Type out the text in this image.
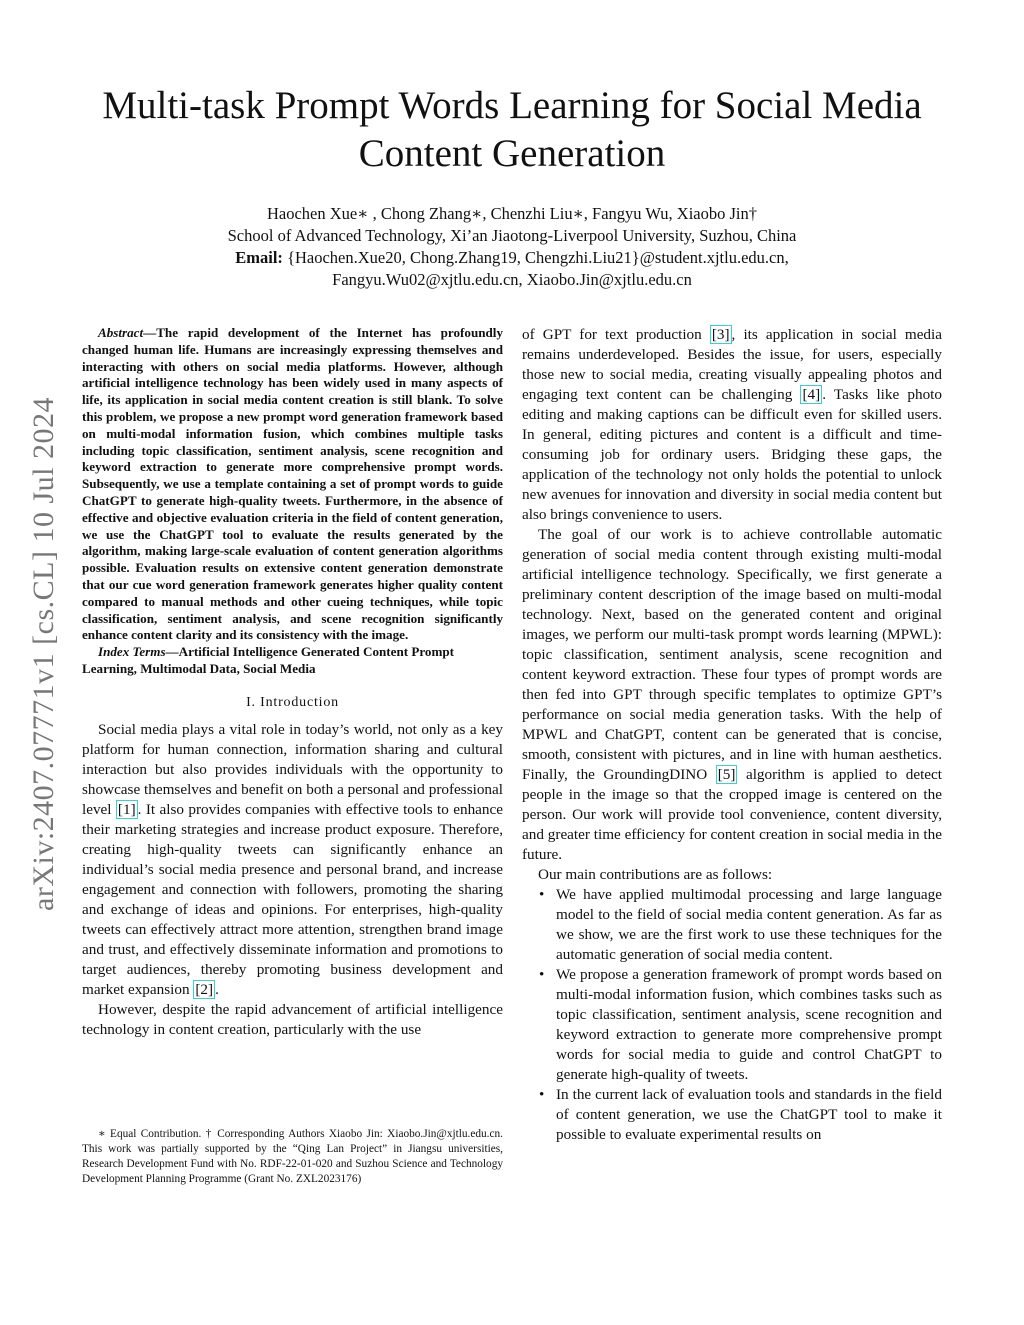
arXiv:2407.07771v1 [cs.CL] 10 Jul 2024
Multi-task Prompt Words Learning for Social Media Content Generation
Haochen Xue∗ , Chong Zhang∗, Chenzhi Liu∗, Fangyu Wu, Xiaobo Jin†
School of Advanced Technology, Xi’an Jiaotong-Liverpool University, Suzhou, China
Email: {Haochen.Xue20, Chong.Zhang19, Chengzhi.Liu21}@student.xjtlu.edu.cn,
Fangyu.Wu02@xjtlu.edu.cn, Xiaobo.Jin@xjtlu.edu.cn

Abstract—The rapid development of the Internet has profoundly changed human life. Humans are increasingly expressing themselves and interacting with others on social media platforms. However, although artificial intelligence technology has been widely used in many aspects of life, its application in social media content creation is still blank. To solve this problem, we propose a new prompt word generation framework based on multi-modal information fusion, which combines multiple tasks including topic classification, sentiment analysis, scene recognition and keyword extraction to generate more comprehensive prompt words. Subsequently, we use a template containing a set of prompt words to guide ChatGPT to generate high-quality tweets. Furthermore, in the absence of effective and objective evaluation criteria in the field of content generation, we use the ChatGPT tool to evaluate the results generated by the algorithm, making large-scale evaluation of content generation algorithms possible. Evaluation results on extensive content generation demonstrate that our cue word generation framework generates higher quality content compared to manual methods and other cueing techniques, while topic classification, sentiment analysis, and scene recognition significantly enhance content clarity and its consistency with the image.

Index Terms—Artificial Intelligence Generated Content Prompt Learning, Multimodal Data, Social Media

I. Introduction

Social media plays a vital role in today’s world, not only as a key platform for human connection, information sharing and cultural interaction but also provides individuals with the opportunity to showcase themselves and benefit on both a personal and professional level [1] . It also provides companies with effective tools to enhance their marketing strategies and increase product exposure. Therefore, creating high-quality tweets can significantly enhance an individual’s social media presence and personal brand, and increase engagement and connection with followers, promoting the sharing and exchange of ideas and opinions. For enterprises, high-quality tweets can effectively attract more attention, strengthen brand image and trust, and effectively disseminate information and promotions to target audiences, thereby promoting business development and market expansion [2] .

However, despite the rapid advancement of artificial intelligence technology in content creation, particularly with the use

∗ Equal Contribution. † Corresponding Authors Xiaobo Jin: Xiaobo.Jin@xjtlu.edu.cn. This work was partially supported by the “Qing Lan Project” in Jiangsu universities, Research Development Fund with No. RDF-22-01-020 and Suzhou Science and Technology Development Planning Programme (Grant No. ZXL2023176)

of GPT for text production [3] , its application in social media remains underdeveloped. Besides the issue, for users, especially those new to social media, creating visually appealing photos and engaging text content can be challenging [4] . Tasks like photo editing and making captions can be difficult even for skilled users. In general, editing pictures and content is a difficult and time-consuming job for ordinary users. Bridging these gaps, the application of the technology not only holds the potential to unlock new avenues for innovation and diversity in social media content but also brings convenience to users.

The goal of our work is to achieve controllable automatic generation of social media content through existing multi-modal artificial intelligence technology. Specifically, we first generate a preliminary content description of the image based on multi-modal technology. Next, based on the generated content and original images, we perform our multi-task prompt words learning (MPWL): topic classification, sentiment analysis, scene recognition and content keyword extraction. These four types of prompt words are then fed into GPT through specific templates to optimize GPT’s performance on social media generation tasks. With the help of MPWL and ChatGPT, content can be generated that is concise, smooth, consistent with pictures, and in line with human aesthetics. Finally, the GroundingDINO [5] algorithm is applied to detect people in the image so that the cropped image is centered on the person. Our work will provide tool convenience, content diversity, and greater time efficiency for content creation in social media in the future.

Our main contributions are as follows:

• We have applied multimodal processing and large language model to the field of social media content generation. As far as we show, we are the first work to use these techniques for the automatic generation of social media content.
• We propose a generation framework of prompt words based on multi-modal information fusion, which combines tasks such as topic classification, sentiment analysis, scene recognition and keyword extraction to generate more comprehensive prompt words for social media to guide and control ChatGPT to generate high-quality of tweets.
• In the current lack of evaluation tools and standards in the field of content generation, we use the ChatGPT tool to make it possible to evaluate experimental results on
